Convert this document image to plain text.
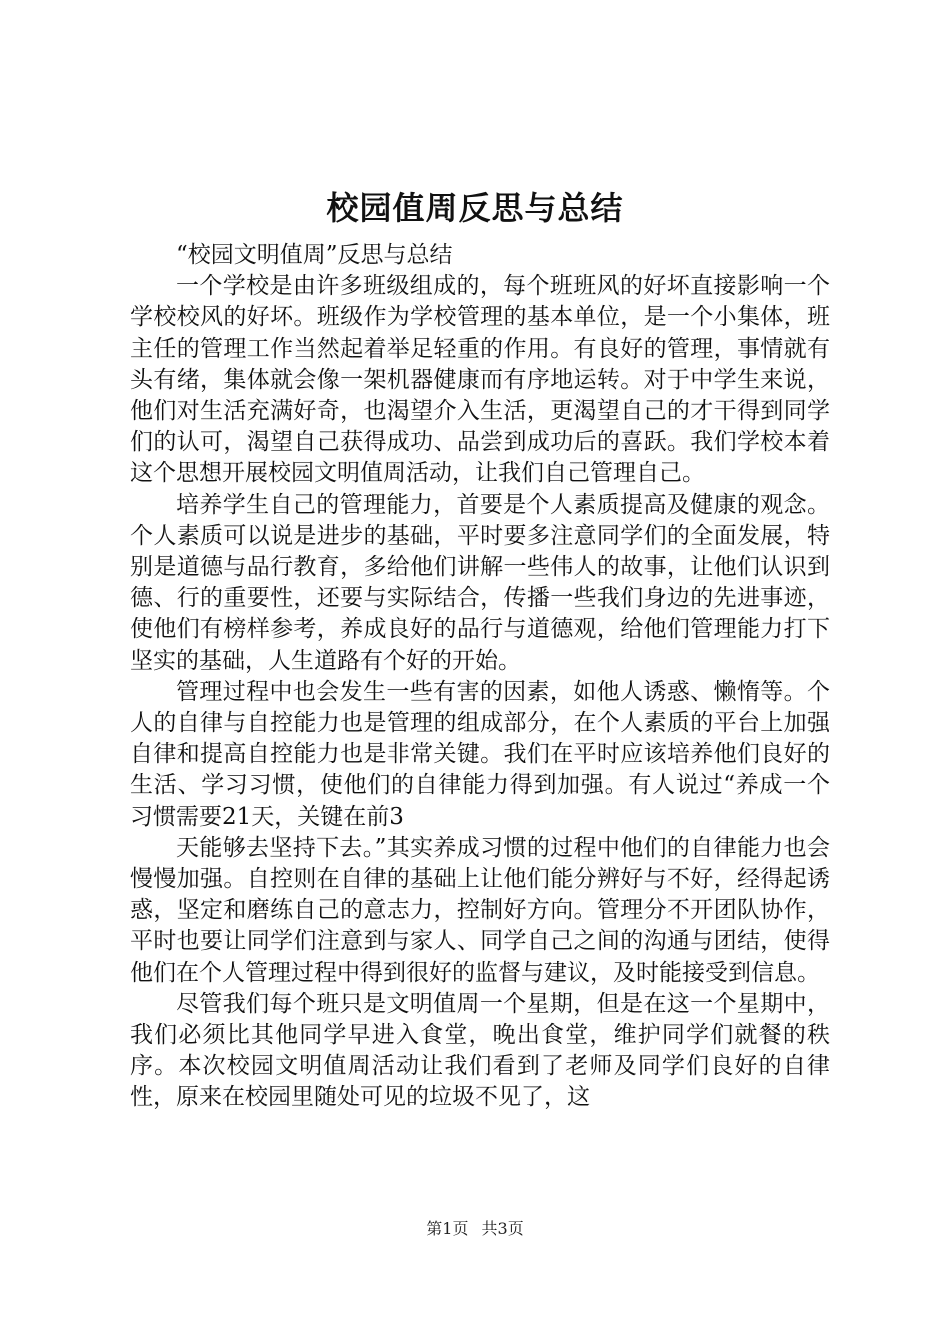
校园值周反思与总结

“校园文明值周”反思与总结

一个学校是由许多班级组成的，每个班班风的好坏直接影响一个学校校风的好坏。班级作为学校管理的基本单位，是一个小集体，班主任的管理工作当然起着举足轻重的作用。有良好的管理，事情就有头有绪，集体就会像一架机器健康而有序地运转。对于中学生来说，他们对生活充满好奇，也渴望介入生活，更渴望自己的才干得到同学们的认可，渴望自己获得成功、品尝到成功后的喜跃。我们学校本着这个思想开展校园文明值周活动，让我们自己管理自己。

培养学生自己的管理能力，首要是个人素质提高及健康的观念。个人素质可以说是进步的基础，平时要多注意同学们的全面发展，特别是道德与品行教育，多给他们讲解一些伟人的故事，让他们认识到德、行的重要性，还要与实际结合，传播一些我们身边的先进事迹，使他们有榜样参考，养成良好的品行与道德观，给他们管理能力打下坚实的基础，人生道路有个好的开始。

管理过程中也会发生一些有害的因素，如他人诱惑、懒惰等。个人的自律与自控能力也是管理的组成部分，在个人素质的平台上加强自律和提高自控能力也是非常关键。我们在平时应该培养他们良好的生活、学习习惯，使他们的自律能力得到加强。有人说过“养成一个习惯需要21天，关键在前3

天能够去坚持下去。”其实养成习惯的过程中他们的自律能力也会慢慢加强。自控则在自律的基础上让他们能分辨好与不好，经得起诱惑，坚定和磨练自己的意志力，控制好方向。管理分不开团队协作，平时也要让同学们注意到与家人、同学自己之间的沟通与团结，使得他们在个人管理过程中得到很好的监督与建议，及时能接受到信息。

尽管我们每个班只是文明值周一个星期，但是在这一个星期中，我们必须比其他同学早进入食堂，晚出食堂，维护同学们就餐的秩序。本次校园文明值周活动让我们看到了老师及同学们良好的自律性，原来在校园里随处可见的垃圾不见了，这

第1页 共3页
